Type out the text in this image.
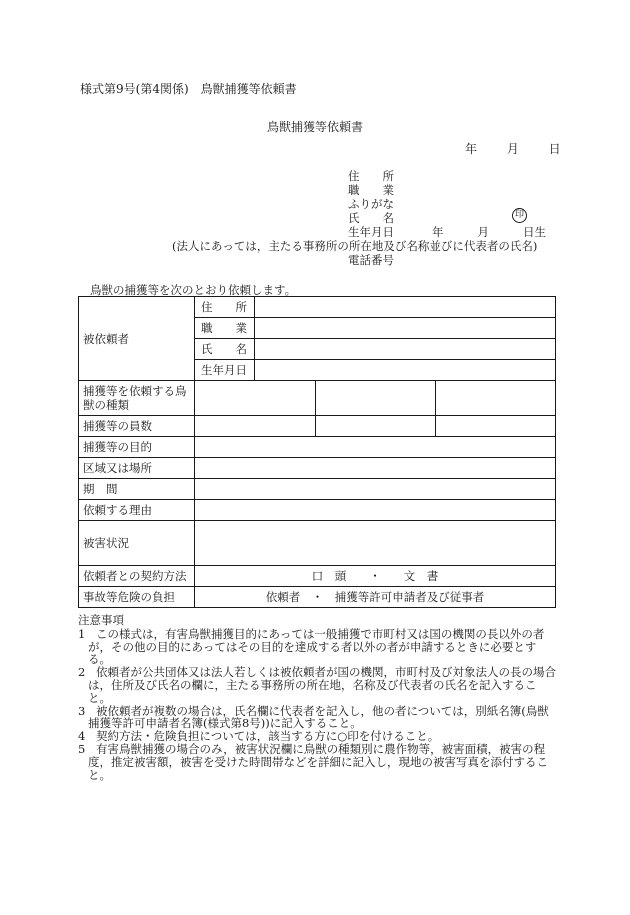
様式第9号(第4関係)　鳥獣捕獲等依頼書
鳥獣捕獲等依頼書
年 月 日
住　　所
職　　業
ふりがな
氏　　名	印
生年月日	年	月	日生
(法人にあっては，主たる事務所の所在地及び名称並びに代表者の氏名)
電話番号
鳥獣の捕獲等を次のとおり依頼します。
被依頼者	住　　所			
	職　　業			
	氏　　名			
	生年月日			
捕獲等を依頼する鳥獣の種類				
捕獲等の員数				
捕獲等の目的				
区域又は場所				
期　間				
依頼する理由				
被害状況				
依頼者との契約方法	口　頭　　・　　文　書			
事故等危険の負担	依頼者　・　捕獲等許可申請者及び従事者			
注意事項
1 この様式は，有害鳥獣捕獲目的にあっては一般捕獲で市町村又は国の機関の長以外の者が，その他の目的にあってはその目的を達成する者以外の者が申請するときに必要とする。
2 依頼者が公共団体又は法人若しくは被依頼者が国の機関，市町村及び対象法人の長の場合は，住所及び氏名の欄に，主たる事務所の所在地，名称及び代表者の氏名を記入すること。
3 被依頼者が複数の場合は，氏名欄に代表者を記入し，他の者については，別紙名簿(鳥獣捕獲等許可申請者名簿(様式第8号))に記入すること。
4 契約方法・危険負担については，該当する方に○印を付けること。
5 有害鳥獣捕獲の場合のみ，被害状況欄に鳥獣の種類別に農作物等，被害面積，被害の程度，推定被害額，被害を受けた時間帯などを詳細に記入し，現地の被害写真を添付すること。
